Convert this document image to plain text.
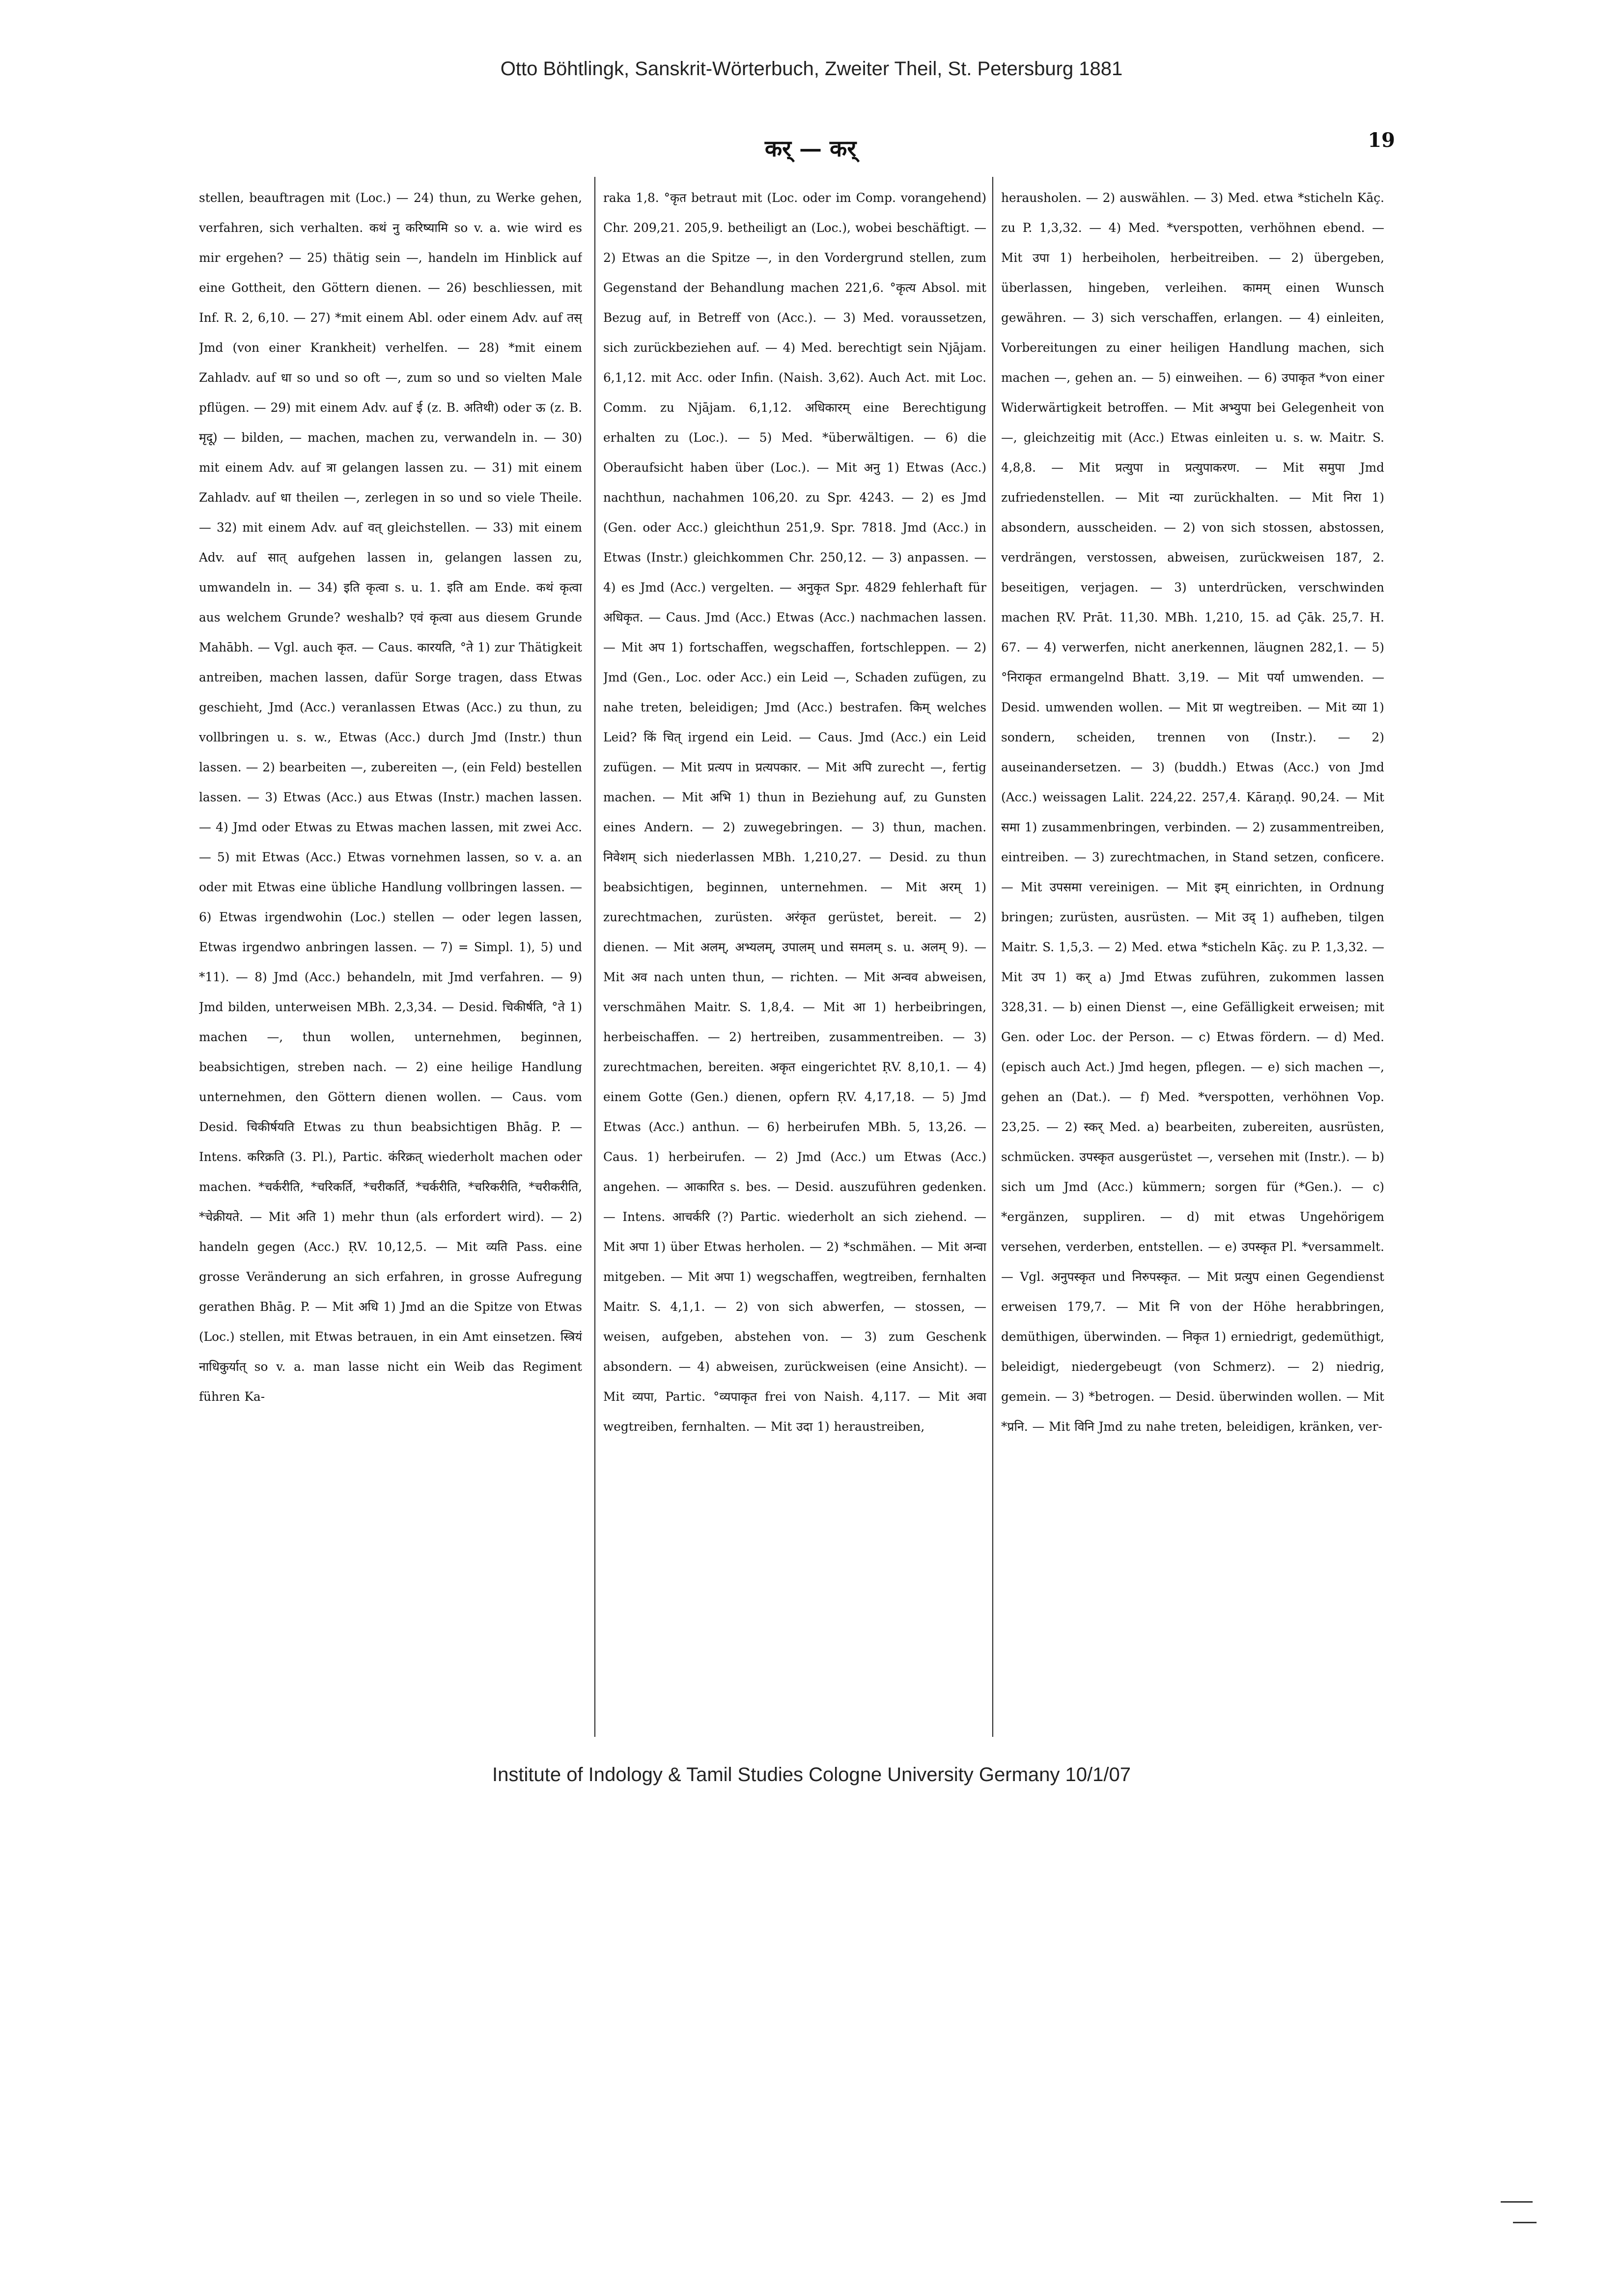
Otto Böhtlingk, Sanskrit-Wörterbuch, Zweiter Theil, St. Petersburg 1881
कर् — कर्	19
stellen, beauftragen mit (Loc.) — 24) thun, zu Werke gehen, verfahren, sich verhalten. कथं नु करिष्यामि so v. a. wie wird es mir ergehen? — 25) thätig sein —, handeln im Hinblick auf eine Gottheit, den Göttern dienen. — 26) beschliessen, mit Inf. R. 2, 6,10. — 27) *mit einem Abl. oder einem Adv. auf तस् Jmd (von einer Krankheit) verhelfen. — 28) *mit einem Zahladv. auf धा so und so oft —, zum so und so vielten Male pflügen. — 29) mit einem Adv. auf ई (z. B. अतिथी) oder ऊ (z. B. मृदू) — bilden, — machen, machen zu, verwandeln in. — 30) mit einem Adv. auf त्रा gelangen lassen zu. — 31) mit einem Zahladv. auf धा theilen —, zerlegen in so und so viele Theile. — 32) mit einem Adv. auf वत् gleichstellen. — 33) mit einem Adv. auf सात् aufgehen lassen in, gelangen lassen zu, umwandeln in. — 34) इति कृत्वा s. u. 1. इति am Ende. कथं कृत्वा aus welchem Grunde? weshalb? एवं कृत्वा aus diesem Grunde Mahābh. — Vgl. auch कृत. — Caus. कारयति, °ते 1) zur Thätigkeit antreiben, machen lassen, dafür Sorge tragen, dass Etwas geschieht, Jmd (Acc.) veranlassen Etwas (Acc.) zu thun, zu vollbringen u. s. w., Etwas (Acc.) durch Jmd (Instr.) thun lassen. — 2) bearbeiten —, zubereiten —, (ein Feld) bestellen lassen. — 3) Etwas (Acc.) aus Etwas (Instr.) machen lassen. — 4) Jmd oder Etwas zu Etwas machen lassen, mit zwei Acc. — 5) mit Etwas (Acc.) Etwas vornehmen lassen, so v. a. an oder mit Etwas eine übliche Handlung vollbringen lassen. — 6) Etwas irgendwohin (Loc.) stellen — oder legen lassen, Etwas irgendwo anbringen lassen. — 7) = Simpl. 1), 5) und *11). — 8) Jmd (Acc.) behandeln, mit Jmd verfahren. — 9) Jmd bilden, unterweisen MBh. 2,3,34. — Desid. चिकीर्षति, °ते 1) machen —, thun wollen, unternehmen, beginnen, beabsichtigen, streben nach. — 2) eine heilige Handlung unternehmen, den Göttern dienen wollen. — Caus. vom Desid. चिकीर्षयति Etwas zu thun beabsichtigen Bhāg. P. — Intens. करिक्रति (3. Pl.), Partic. कंरिक्रत् wiederholt machen oder machen. *चर्करीति, *चरिकर्ति, *चरीकर्ति, *चर्करीति, *चरिकरीति, *चरीकरीति, *चेक्रीयते. — Mit अति 1) mehr thun (als erfordert wird). — 2) handeln gegen (Acc.) ṚV. 10,12,5. — Mit व्यति Pass. eine grosse Veränderung an sich erfahren, in grosse Aufregung gerathen Bhāg. P. — Mit अधि 1) Jmd an die Spitze von Etwas (Loc.) stellen, mit Etwas betrauen, in ein Amt einsetzen. स्त्रियं नाधिकुर्यात् so v. a. man lasse nicht ein Weib das Regiment führen Ka-
raka 1,8. °कृत betraut mit (Loc. oder im Comp. vorangehend) Chr. 209,21. 205,9. betheiligt an (Loc.), wobei beschäftigt. — 2) Etwas an die Spitze —, in den Vordergrund stellen, zum Gegenstand der Behandlung machen 221,6. °कृत्य Absol. mit Bezug auf, in Betreff von (Acc.). — 3) Med. voraussetzen, sich zurückbeziehen auf. — 4) Med. berechtigt sein Njājam. 6,1,12. mit Acc. oder Infin. (Naish. 3,62). Auch Act. mit Loc. Comm. zu Njājam. 6,1,12. अधिकारम् eine Berechtigung erhalten zu (Loc.). — 5) Med. *überwältigen. — 6) die Oberaufsicht haben über (Loc.). — Mit अनु 1) Etwas (Acc.) nachthun, nachahmen 106,20. zu Spr. 4243. — 2) es Jmd (Gen. oder Acc.) gleichthun 251,9. Spr. 7818. Jmd (Acc.) in Etwas (Instr.) gleichkommen Chr. 250,12. — 3) anpassen. — 4) es Jmd (Acc.) vergelten. — अनुकृत Spr. 4829 fehlerhaft für अधिकृत. — Caus. Jmd (Acc.) Etwas (Acc.) nachmachen lassen. — Mit अप 1) fortschaffen, wegschaffen, fortschleppen. — 2) Jmd (Gen., Loc. oder Acc.) ein Leid —, Schaden zufügen, zu nahe treten, beleidigen; Jmd (Acc.) bestrafen. किम् welches Leid? किं चित् irgend ein Leid. — Caus. Jmd (Acc.) ein Leid zufügen. — Mit प्रत्यप in प्रत्यपकार. — Mit अपि zurecht —, fertig machen. — Mit अभि 1) thun in Beziehung auf, zu Gunsten eines Andern. — 2) zuwegebringen. — 3) thun, machen. निवेशम् sich niederlassen MBh. 1,210,27. — Desid. zu thun beabsichtigen, beginnen, unternehmen. — Mit अरम् 1) zurechtmachen, zurüsten. अरंकृत gerüstet, bereit. — 2) dienen. — Mit अलम्, अभ्यलम्, उपालम् und समलम् s. u. अलम् 9). — Mit अव nach unten thun, — richten. — Mit अन्वव abweisen, verschmähen Maitr. S. 1,8,4. — Mit आ 1) herbeibringen, herbeischaffen. — 2) hertreiben, zusammentreiben. — 3) zurechtmachen, bereiten. अकृत eingerichtet ṚV. 8,10,1. — 4) einem Gotte (Gen.) dienen, opfern ṚV. 4,17,18. — 5) Jmd Etwas (Acc.) anthun. — 6) herbeirufen MBh. 5, 13,26. — Caus. 1) herbeirufen. — 2) Jmd (Acc.) um Etwas (Acc.) angehen. — आकारित s. bes. — Desid. auszuführen gedenken. — Intens. आचर्करि (?) Partic. wiederholt an sich ziehend. — Mit अपा 1) über Etwas herholen. — 2) *schmähen. — Mit अन्वा mitgeben. — Mit अपा 1) wegschaffen, wegtreiben, fernhalten Maitr. S. 4,1,1. — 2) von sich abwerfen, — stossen, — weisen, aufgeben, abstehen von. — 3) zum Geschenk absondern. — 4) abweisen, zurückweisen (eine Ansicht). — Mit व्यपा, Partic. °व्यपाकृत frei von Naish. 4,117. — Mit अवा wegtreiben, fernhalten. — Mit उदा 1) heraustreiben,
herausholen. — 2) auswählen. — 3) Med. etwa *sticheln Kāç. zu P. 1,3,32. — 4) Med. *verspotten, verhöhnen ebend. — Mit उपा 1) herbeiholen, herbeitreiben. — 2) übergeben, überlassen, hingeben, verleihen. कामम् einen Wunsch gewähren. — 3) sich verschaffen, erlangen. — 4) einleiten, Vorbereitungen zu einer heiligen Handlung machen, sich machen —, gehen an. — 5) einweihen. — 6) उपाकृत *von einer Widerwärtigkeit betroffen. — Mit अभ्युपा bei Gelegenheit von —, gleichzeitig mit (Acc.) Etwas einleiten u. s. w. Maitr. S. 4,8,8. — Mit प्रत्युपा in प्रत्युपाकरण. — Mit समुपा Jmd zufriedenstellen. — Mit न्या zurückhalten. — Mit निरा 1) absondern, ausscheiden. — 2) von sich stossen, abstossen, verdrängen, verstossen, abweisen, zurückweisen 187, 2. beseitigen, verjagen. — 3) unterdrücken, verschwinden machen ṚV. Prāt. 11,30. MBh. 1,210, 15. ad Çāk. 25,7. H. 67. — 4) verwerfen, nicht anerkennen, läugnen 282,1. — 5) °निराकृत ermangelnd Bhatt. 3,19. — Mit पर्या umwenden. — Desid. umwenden wollen. — Mit प्रा wegtreiben. — Mit व्या 1) sondern, scheiden, trennen von (Instr.). — 2) auseinandersetzen. — 3) (buddh.) Etwas (Acc.) von Jmd (Acc.) weissagen Lalit. 224,22. 257,4. Kāraṇḍ. 90,24. — Mit समा 1) zusammenbringen, verbinden. — 2) zusammentreiben, eintreiben. — 3) zurechtmachen, in Stand setzen, conficere. — Mit उपसमा vereinigen. — Mit इम् einrichten, in Ordnung bringen; zurüsten, ausrüsten. — Mit उद् 1) aufheben, tilgen Maitr. S. 1,5,3. — 2) Med. etwa *sticheln Kāç. zu P. 1,3,32. — Mit उप 1) कर् a) Jmd Etwas zuführen, zukommen lassen 328,31. — b) einen Dienst —, eine Gefälligkeit erweisen; mit Gen. oder Loc. der Person. — c) Etwas fördern. — d) Med. (episch auch Act.) Jmd hegen, pflegen. — e) sich machen —, gehen an (Dat.). — f) Med. *verspotten, verhöhnen Vop. 23,25. — 2) स्कर् Med. a) bearbeiten, zubereiten, ausrüsten, schmücken. उपस्कृत ausgerüstet —, versehen mit (Instr.). — b) sich um Jmd (Acc.) kümmern; sorgen für (*Gen.). — c) *ergänzen, suppliren. — d) mit etwas Ungehörigem versehen, verderben, entstellen. — e) उपस्कृत Pl. *versammelt. — Vgl. अनुपस्कृत und निरुपस्कृत. — Mit प्रत्युप einen Gegendienst erweisen 179,7. — Mit नि von der Höhe herabbringen, demüthigen, überwinden. — निकृत 1) erniedrigt, gedemüthigt, beleidigt, niedergebeugt (von Schmerz). — 2) niedrig, gemein. — 3) *betrogen. — Desid. überwinden wollen. — Mit *प्रनि. — Mit विनि Jmd zu nahe treten, beleidigen, kränken, ver-
Institute of Indology & Tamil Studies Cologne University Germany 10/1/07
